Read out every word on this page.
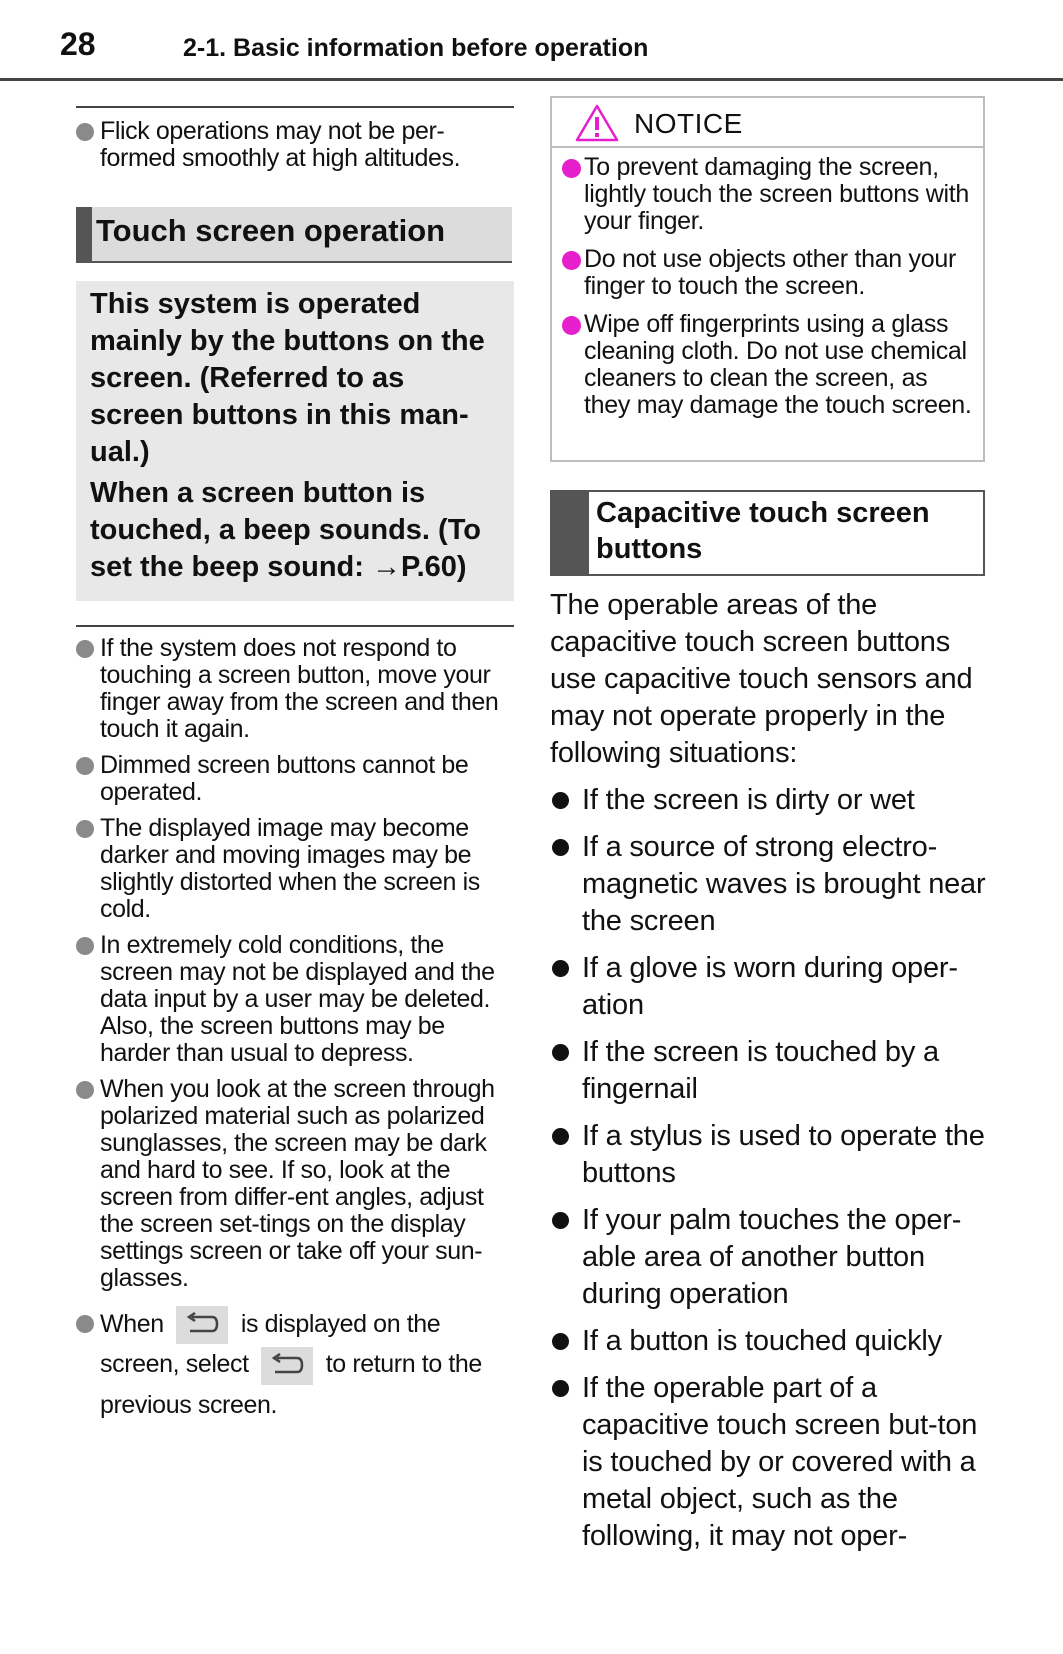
28	2-1. Basic information before operation
Flick operations may not be per-formed smoothly at high altitudes.
Touch screen operation

This system is operated mainly by the buttons on the screen. (Referred to as screen buttons in this man-ual.)

When a screen button is touched, a beep sounds. (To set the beep sound: →P.60)

If the system does not respond to touching a screen button, move your finger away from the screen and then touch it again.
Dimmed screen buttons cannot be operated.
The displayed image may become darker and moving images may be slightly distorted when the screen is cold.
In extremely cold conditions, the screen may not be displayed and the data input by a user may be deleted. Also, the screen buttons may be harder than usual to depress.
When you look at the screen through polarized material such as polarized sunglasses, the screen may be dark and hard to see. If so, look at the screen from differ-ent angles, adjust the screen set-tings on the display settings screen or take off your sun-glasses.
When	is displayed on the
screen, select	to return to the previous screen.
NOTICE
To prevent damaging the screen, lightly touch the screen buttons with your finger.
Do not use objects other than your finger to touch the screen.
Wipe off fingerprints using a glass cleaning cloth. Do not use chemical cleaners to clean the screen, as they may damage the touch screen.
Capacitive touch screen buttons
The operable areas of the capacitive touch screen buttons use capacitive touch sensors and may not operate properly in the following situations:
If the screen is dirty or wet
If a source of strong electro-magnetic waves is brought near the screen
If a glove is worn during oper-ation
If the screen is touched by a fingernail
If a stylus is used to operate the buttons
If your palm touches the oper-able area of another button during operation
If a button is touched quickly
If the operable part of a capacitive touch screen but-ton is touched by or covered with a metal object, such as the following, it may not oper-
